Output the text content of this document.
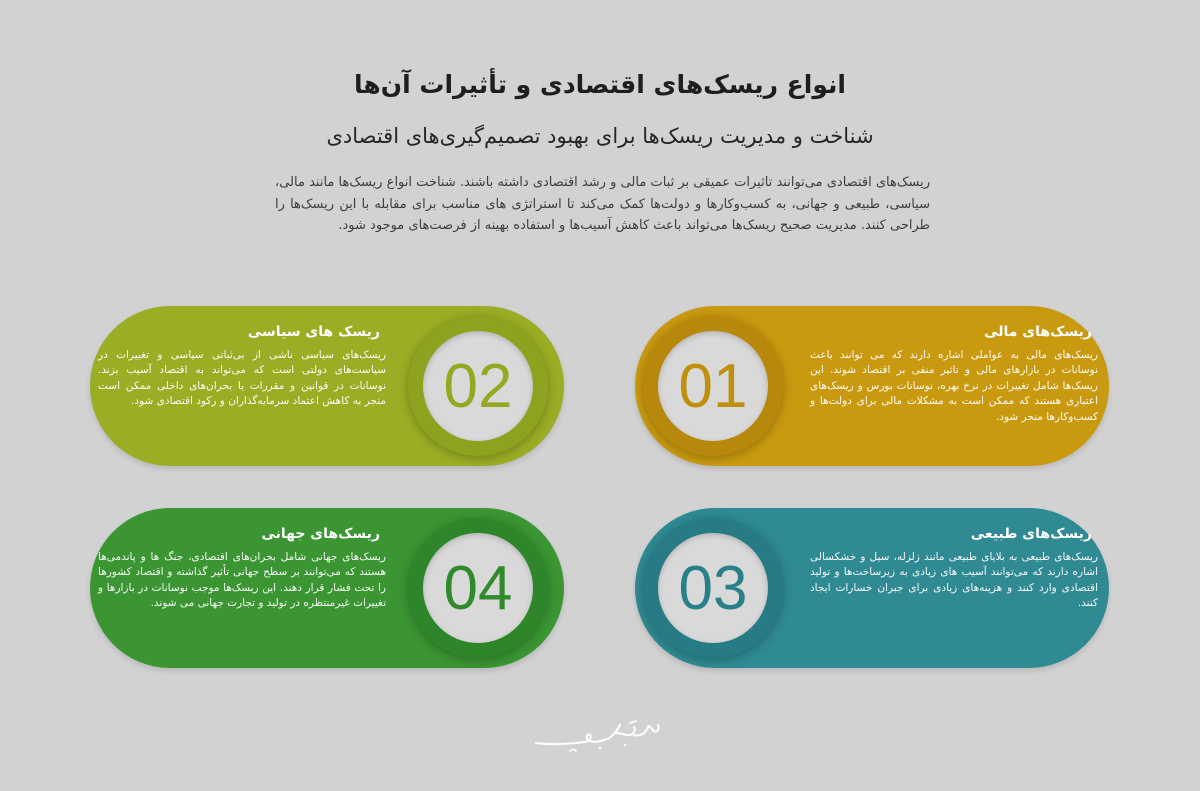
انواع ریسک‌های اقتصادی و تأثیرات آن‌ها
شناخت و مدیریت ریسک‌ها برای بهبود تصمیم‌گیری‌های اقتصادی
ریسک‌های اقتصادی می‌توانند تاثیرات عمیقی بر ثبات مالی و رشد اقتصادی داشته باشند. شناخت انواع ریسک‌ها مانند مالی، سیاسی، طبیعی و جهانی، به کسب‌وکارها و دولت‌ها کمک می‌کند تا استراتژی های مناسب برای مقابله با این ریسک‌ها را طراحی کنند. مدیریت صحیح ریسک‌ها می‌تواند باعث کاهش آسیب‌ها و استفاده بهینه از فرصت‌های موجود شود.
01
ریسک‌های مالی
ریسک‌های مالی به عواملی اشاره دارند که می توانند باعث نوسانات در بازارهای مالی و تاثیر منفی بر اقتصاد شوند. این ریسک‌ها شامل تغییرات در نرخ بهره، نوسانات بورس و ریسک‌های اعتباری هستند که ممکن است به مشکلات مالی برای دولت‌ها و کسب‌وکارها منجر شود.
02
ریسک های سیاسی
ریسک‌های سیاسی ناشی از بی‌ثباتی سیاسی و تغییرات در سیاست‌های دولتی است که می‌تواند به اقتصاد آسیب بزند. نوسانات در قوانین و مقررات یا بحران‌های داخلی ممکن است منجر به کاهش اعتماد سرمایه‌گذاران و رکود اقتصادی شود.
03
ریسک‌های طبیعی
ریسک‌های طبیعی به بلایای طبیعی مانند زلزله، سیل و خشکسالی اشاره دارند که می‌توانند آسیب های زیادی به زیرساخت‌ها و تولید اقتصادی وارد کنند و هزینه‌های زیادی برای جبران خسارات ایجاد کنند.
04
ریسک‌های جهانی
ریسک‌های جهانی شامل بحران‌های اقتصادی، جنگ ها و پاندمی‌ها هستند که می‌توانند بر سطح جهانی تأثیر گذاشته و اقتصاد کشورها را تحت فشار قرار دهند. این ریسک‌ها موجب نوسانات در بازارها و تغییرات غیرمنتظره در تولید و تجارت جهانی می شوند.
